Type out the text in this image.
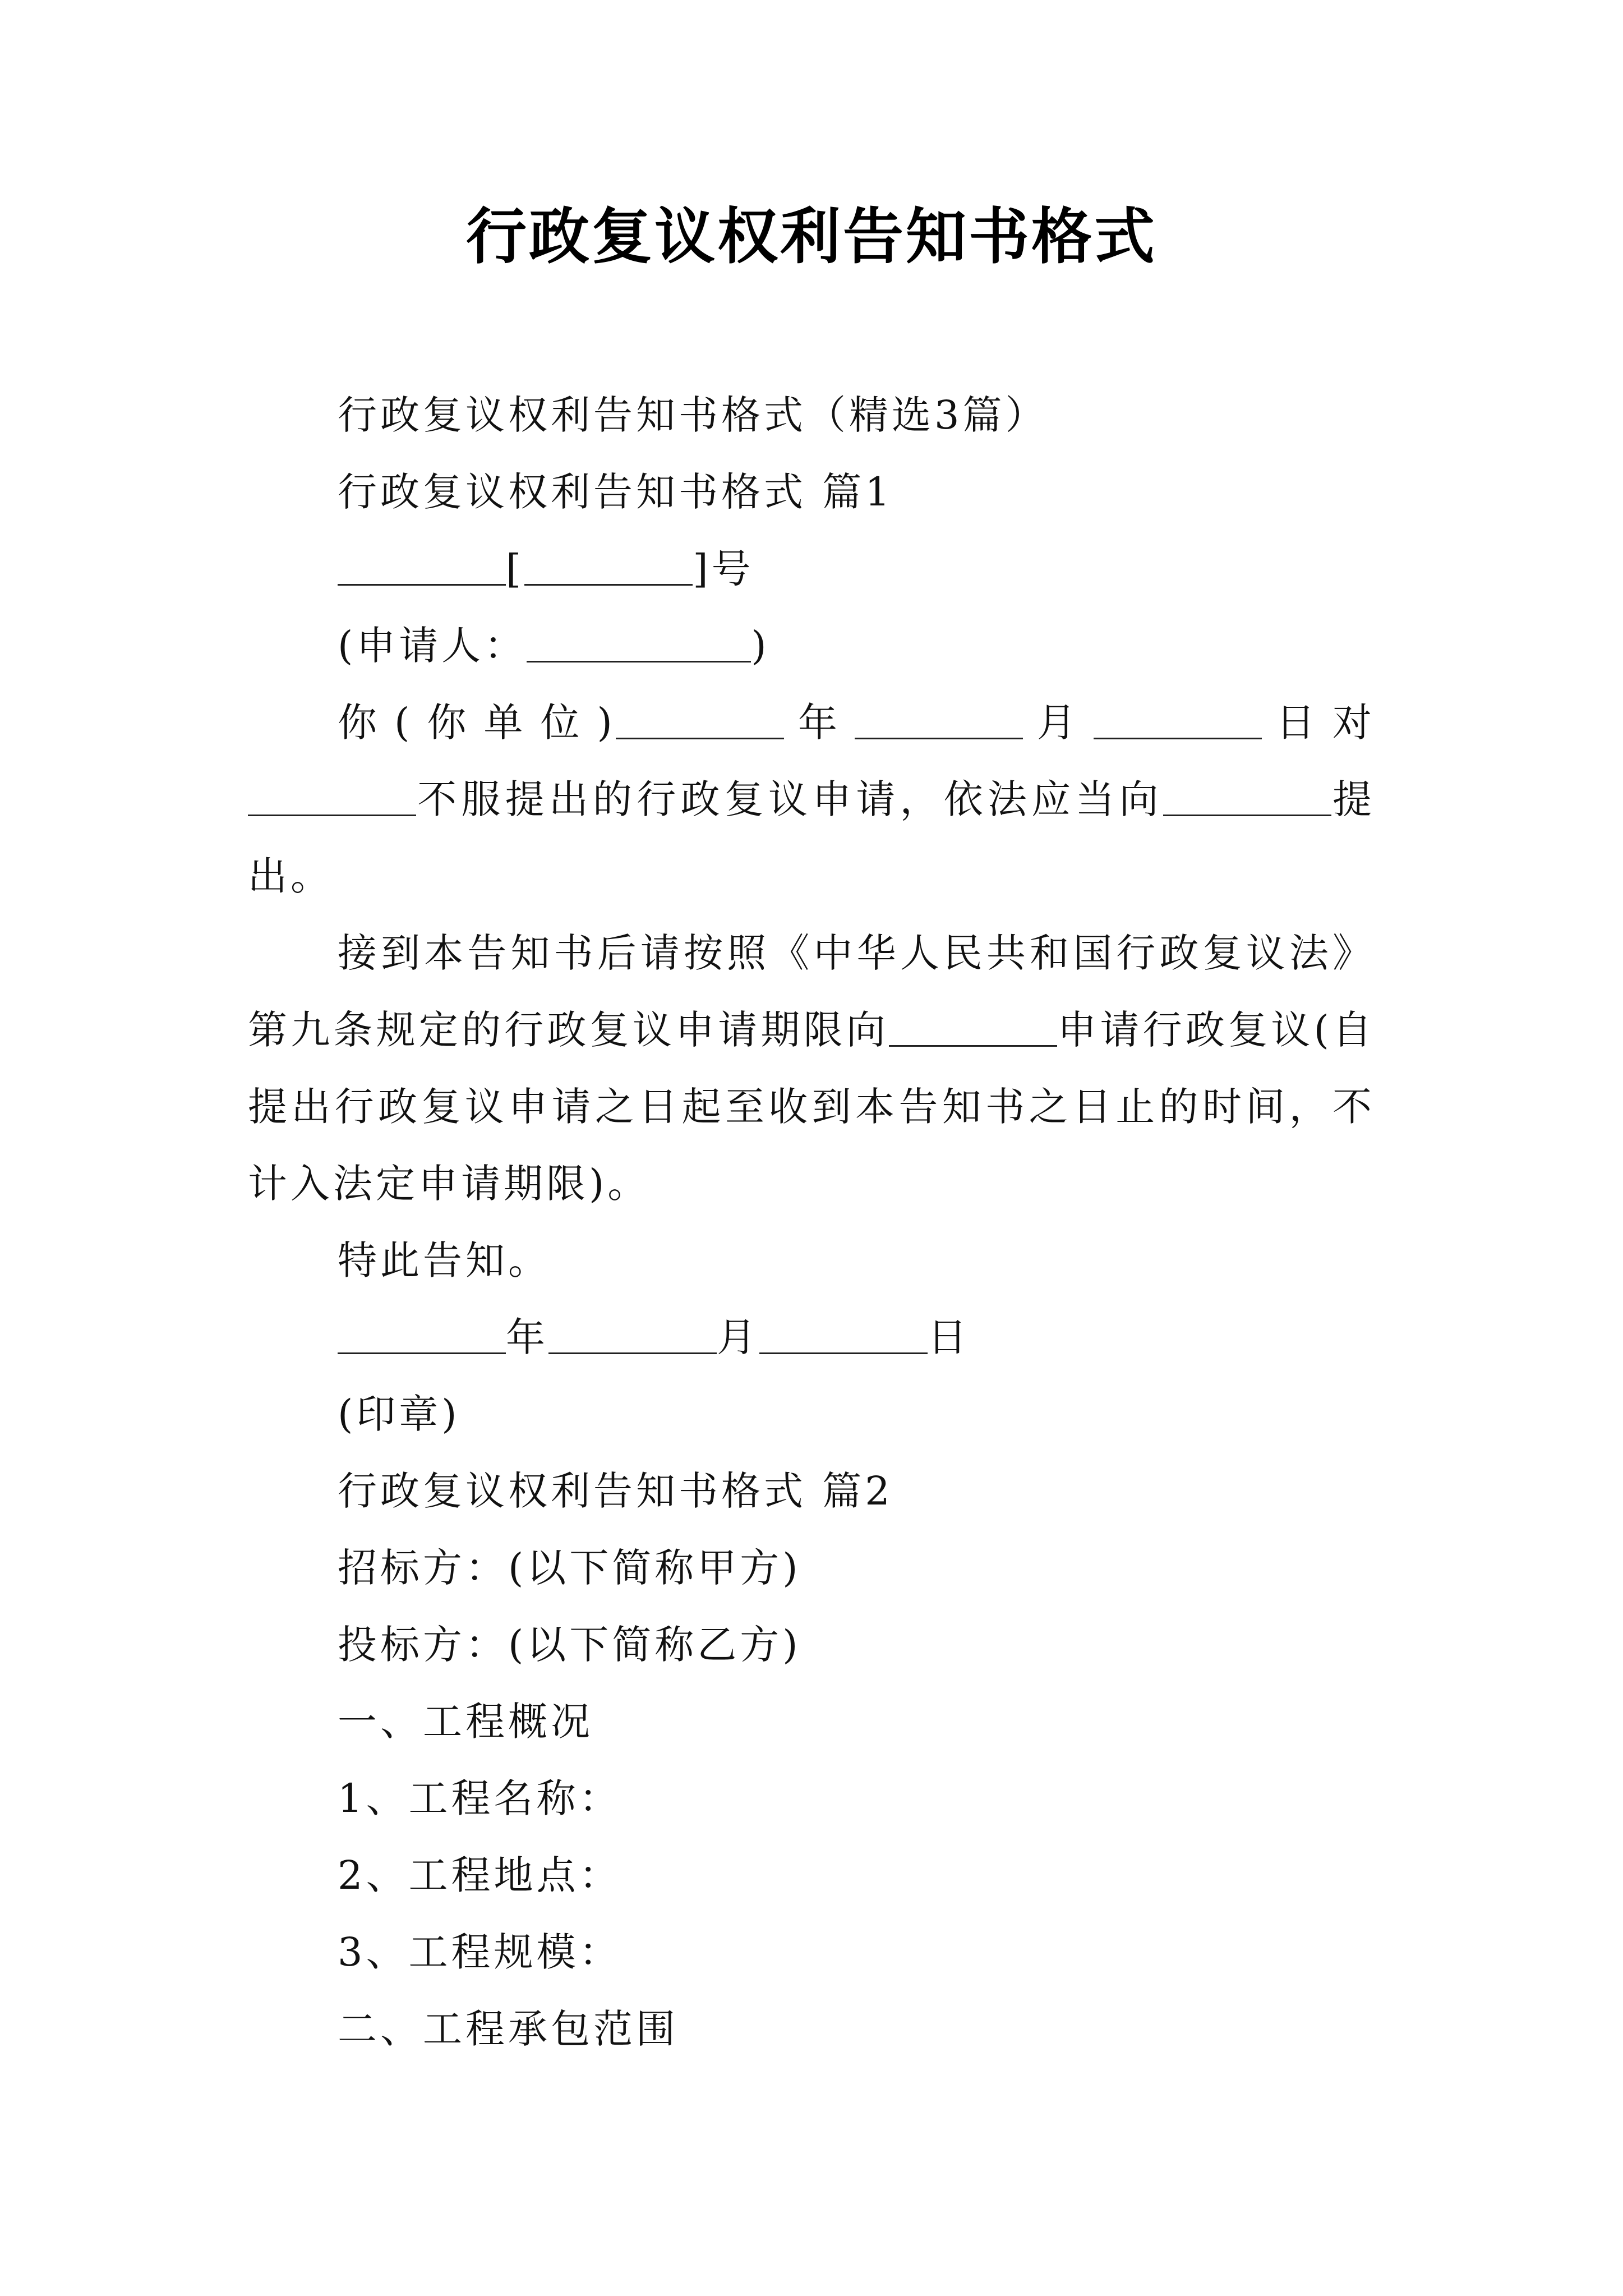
行政复议权利告知书格式

行政复议权利告知书格式（精选3篇）

行政复议权利告知书格式 篇1

[	]号

(申请人：	)

你(你单位)	年	月	日对不服提出的行政复议申请，依法应当向	提出。

接到本告知书后请按照《中华人民共和国行政复议法》第九条规定的行政复议申请期限向	申请行政复议(自提出行政复议申请之日起至收到本告知书之日止的时间，不计入法定申请期限)。

特此告知。

年	月	日

(印章)

行政复议权利告知书格式 篇2

招标方：(以下简称甲方)

投标方：(以下简称乙方)

一、工程概况

1、工程名称：

2、工程地点：

3、工程规模：

二、工程承包范围
